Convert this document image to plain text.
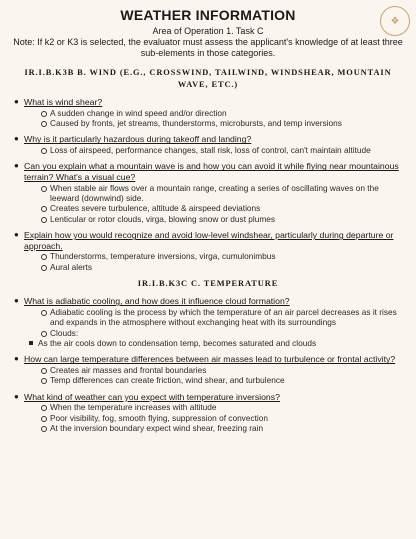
❖
WEATHER INFORMATION
Area of Operation 1. Task C
Note: If k2 or K3 is selected, the evaluator must assess the applicant's knowledge of at least three sub-elements in those categories.
IR.I.B.K3B B. WIND (E.G., CROSSWIND, TAILWIND, WINDSHEAR, MOUNTAIN WAVE, ETC.)
● What is wind shear?
A sudden change in wind speed and/or direction
Caused by fronts, jet streams, thunderstorms, microbursts, and temp inversions
● Why is it particularly hazardous during takeoff and landing?
Loss of airspeed, performance changes, stall risk, loss of control, can't maintain altitude
● Can you explain what a mountain wave is and how you can avoid it while flying near mountainous terrain? What's a visual cue?
When stable air flows over a mountain range, creating a series of oscillating waves on the leeward (downwind) side.
Creates severe turbulence, altitude & airspeed deviations
Lenticular or rotor clouds, virga, blowing snow or dust plumes
● Explain how you would recognize and avoid low-level windshear, particularly during departure or approach.
Thunderstorms, temperature inversions, virga, cumulonimbus
Aural alerts
IR.I.B.K3C C. TEMPERATURE
● What is adiabatic cooling, and how does it influence cloud formation?
Adiabatic cooling is the process by which the temperature of an air parcel decreases as it rises and expands in the atmosphere without exchanging heat with its surroundings
Clouds:
As the air cools down to condensation temp, becomes saturated and clouds
● How can large temperature differences between air masses lead to turbulence or frontal activity?
Creates air masses and frontal boundaries
Temp differences can create friction, wind shear, and turbulence
● What kind of weather can you expect with temperature inversions?
When the temperature increases with altitude
Poor visibility, fog, smooth flying, suppression of convection
At the inversion boundary expect wind shear, freezing rain
